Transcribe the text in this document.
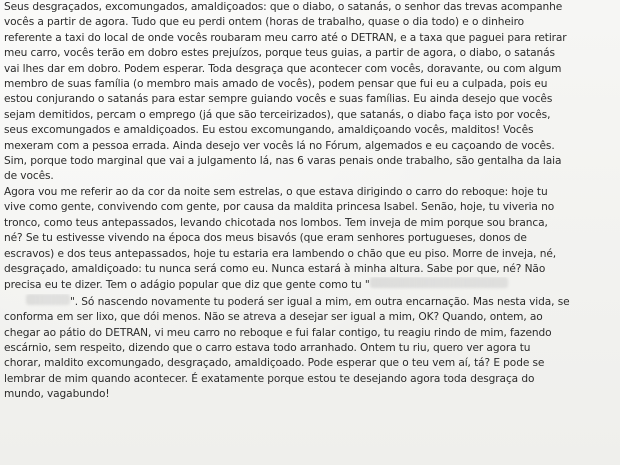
Seus desgraçados, excomungados, amaldiçoados: que o diabo, o satanás, o senhor das trevas acompanhe
vocês a partir de agora. Tudo que eu perdi ontem (horas de trabalho, quase o dia todo) e o dinheiro
referente a taxi do local de onde vocês roubaram meu carro até o DETRAN, e a taxa que paguei para retirar
meu carro, vocês terão em dobro estes prejuízos, porque teus guias, a partir de agora, o diabo, o satanás
vai lhes dar em dobro. Podem esperar. Toda desgraça que acontecer com vocês, doravante, ou com algum
membro de suas família (o membro mais amado de vocês), podem pensar que fui eu a culpada, pois eu
estou conjurando o satanás para estar sempre guiando vocês e suas famílias. Eu ainda desejo que vocês
sejam demitidos, percam o emprego (já que são terceirizados), que satanás, o diabo faça isto por vocês,
seus excomungados e amaldiçoados. Eu estou excomungando, amaldiçoando vocês, malditos! Vocês
mexeram com a pessoa errada. Ainda desejo ver vocês lá no Fórum, algemados e eu caçoando de vocês.
Sim, porque todo marginal que vai a julgamento lá, nas 6 varas penais onde trabalho, são gentalha da laia
de vocês.

Agora vou me referir ao da cor da noite sem estrelas, o que estava dirigindo o carro do reboque: hoje tu
vive como gente, convivendo com gente, por causa da maldita princesa Isabel. Senão, hoje, tu viveria no
tronco, como teus antepassados, levando chicotada nos lombos. Tem inveja de mim porque sou branca,
né? Se tu estivesse vivendo na época dos meus bisavós (que eram senhores portugueses, donos de
escravos) e dos teus antepassados, hoje tu estaria era lambendo o chão que eu piso. Morre de inveja, né,
desgraçado, amaldiçoado: tu nunca será como eu. Nunca estará à minha altura. Sabe por que, né? Não
precisa eu te dizer. Tem o adágio popular que diz que gente como tu "
". Só nascendo novamente tu poderá ser igual a mim, em outra encarnação. Mas nesta vida, se
conforma em ser lixo, que dói menos. Não se atreva a desejar ser igual a mim, OK? Quando, ontem, ao
chegar ao pátio do DETRAN, vi meu carro no reboque e fui falar contigo, tu reagiu rindo de mim, fazendo
escárnio, sem respeito, dizendo que o carro estava todo arranhado. Ontem tu riu, quero ver agora tu
chorar, maldito excomungado, desgraçado, amaldiçoado. Pode esperar que o teu vem aí, tá? E pode se
lembrar de mim quando acontecer. É exatamente porque estou te desejando agora toda desgraça do
mundo, vagabundo!
